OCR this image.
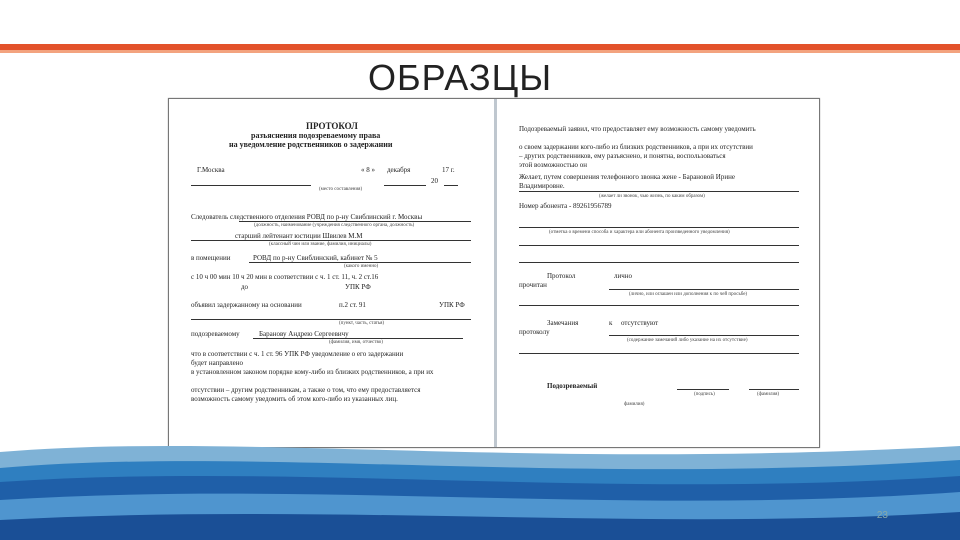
ОБРАЗЦЫ
ПРОТОКОЛ
разъяснения подозреваемому права
на уведомление родственников о задержании
Г.Москва	« 8 » декабря	17 г.
20
(место составления)
Следователь следственного отделения РОВД по р-ну Свиблинский г. Москвы
(должность, наименование (учреждения следственного органа, должность)
старший лейтенант юстиции Швилев М.М
(классный чин или звание, фамилия, инициалы)
в помещении	РОВД по р-ну Свиблинский, кабинет № 5
(какого именно)
с 10 ч 00 мин 10 ч 20 мин в соответствии с ч. 1 ст. 11, ч. 2 ст.16
до	УПК РФ
объявил задержанному на основании	п.2 ст. 91	УПК РФ
(пункт, часть, статья)
подозреваемому	Баранову Андрею Сергеевичу
(фамилия, имя, отчество)
что в соответствии с ч. 1 ст. 96 УПК РФ уведомление о его задержании
будет направлено
в установленном законом порядке кому-либо из близких родственников, а при их
отсутствии – другим родственникам, а также о том, что ему предоставляется
возможность самому уведомить об этом кого-либо из указанных лиц.
Подозреваемый заявил, что предоставляет ему возможность самому уведомить
о своем задержании кого-либо из близких родственников, а при их отсутствии
– других родственников, ему разъяснено, и понятна, воспользоваться
этой возможностью он
Желает, путем совершения телефонного звонка жене - Барановой Ирине
Владимировне.
(желает ли звонок, чью жизнь, по каким образом)
Номер абонента - 89261956789
(отметка о времени способа и характера или абонента произведенного уведомления)
Протокол	лично
прочитан
(лично, или оглашен или дополнения к по чей просьбе)
Замечания	к отсутствуют
протоколу
(содержание замечаний либо указание на их отсутствие)
Подозреваемый
(подпись)	(фамилия)
фамилия)
23
